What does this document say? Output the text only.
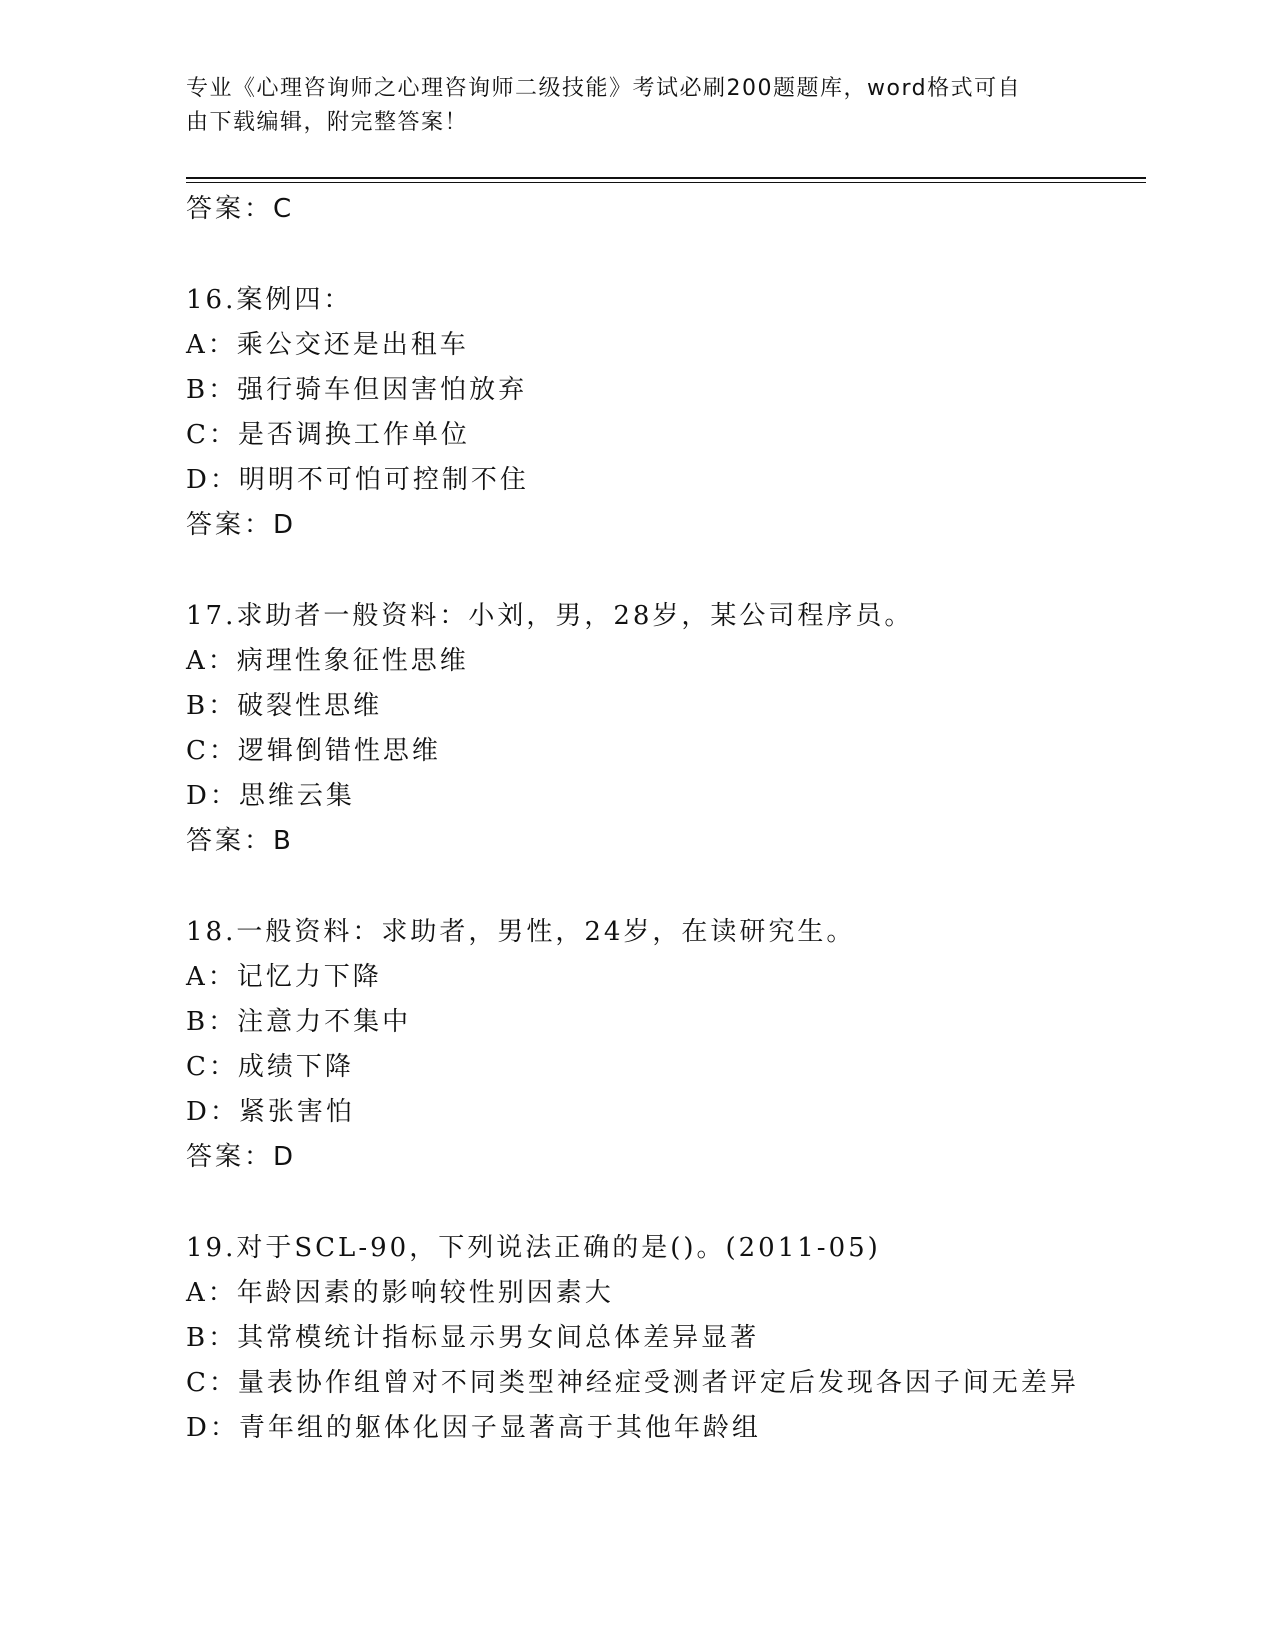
专业《心理咨询师之心理咨询师二级技能》考试必刷200题题库，word格式可自
由下载编辑，附完整答案！
答案：C
16.案例四：
A：乘公交还是出租车
B：强行骑车但因害怕放弃
C：是否调换工作单位
D：明明不可怕可控制不住
答案：D
17.求助者一般资料：小刘，男，28岁，某公司程序员。
A：病理性象征性思维
B：破裂性思维
C：逻辑倒错性思维
D：思维云集
答案：B
18.一般资料：求助者，男性，24岁，在读研究生。
A：记忆力下降
B：注意力不集中
C：成绩下降
D：紧张害怕
答案：D
19.对于SCL-90，下列说法正确的是()。(2011-05)
A：年龄因素的影响较性别因素大
B：其常模统计指标显示男女间总体差异显著
C：量表协作组曾对不同类型神经症受测者评定后发现各因子间无差异
D：青年组的躯体化因子显著高于其他年龄组
